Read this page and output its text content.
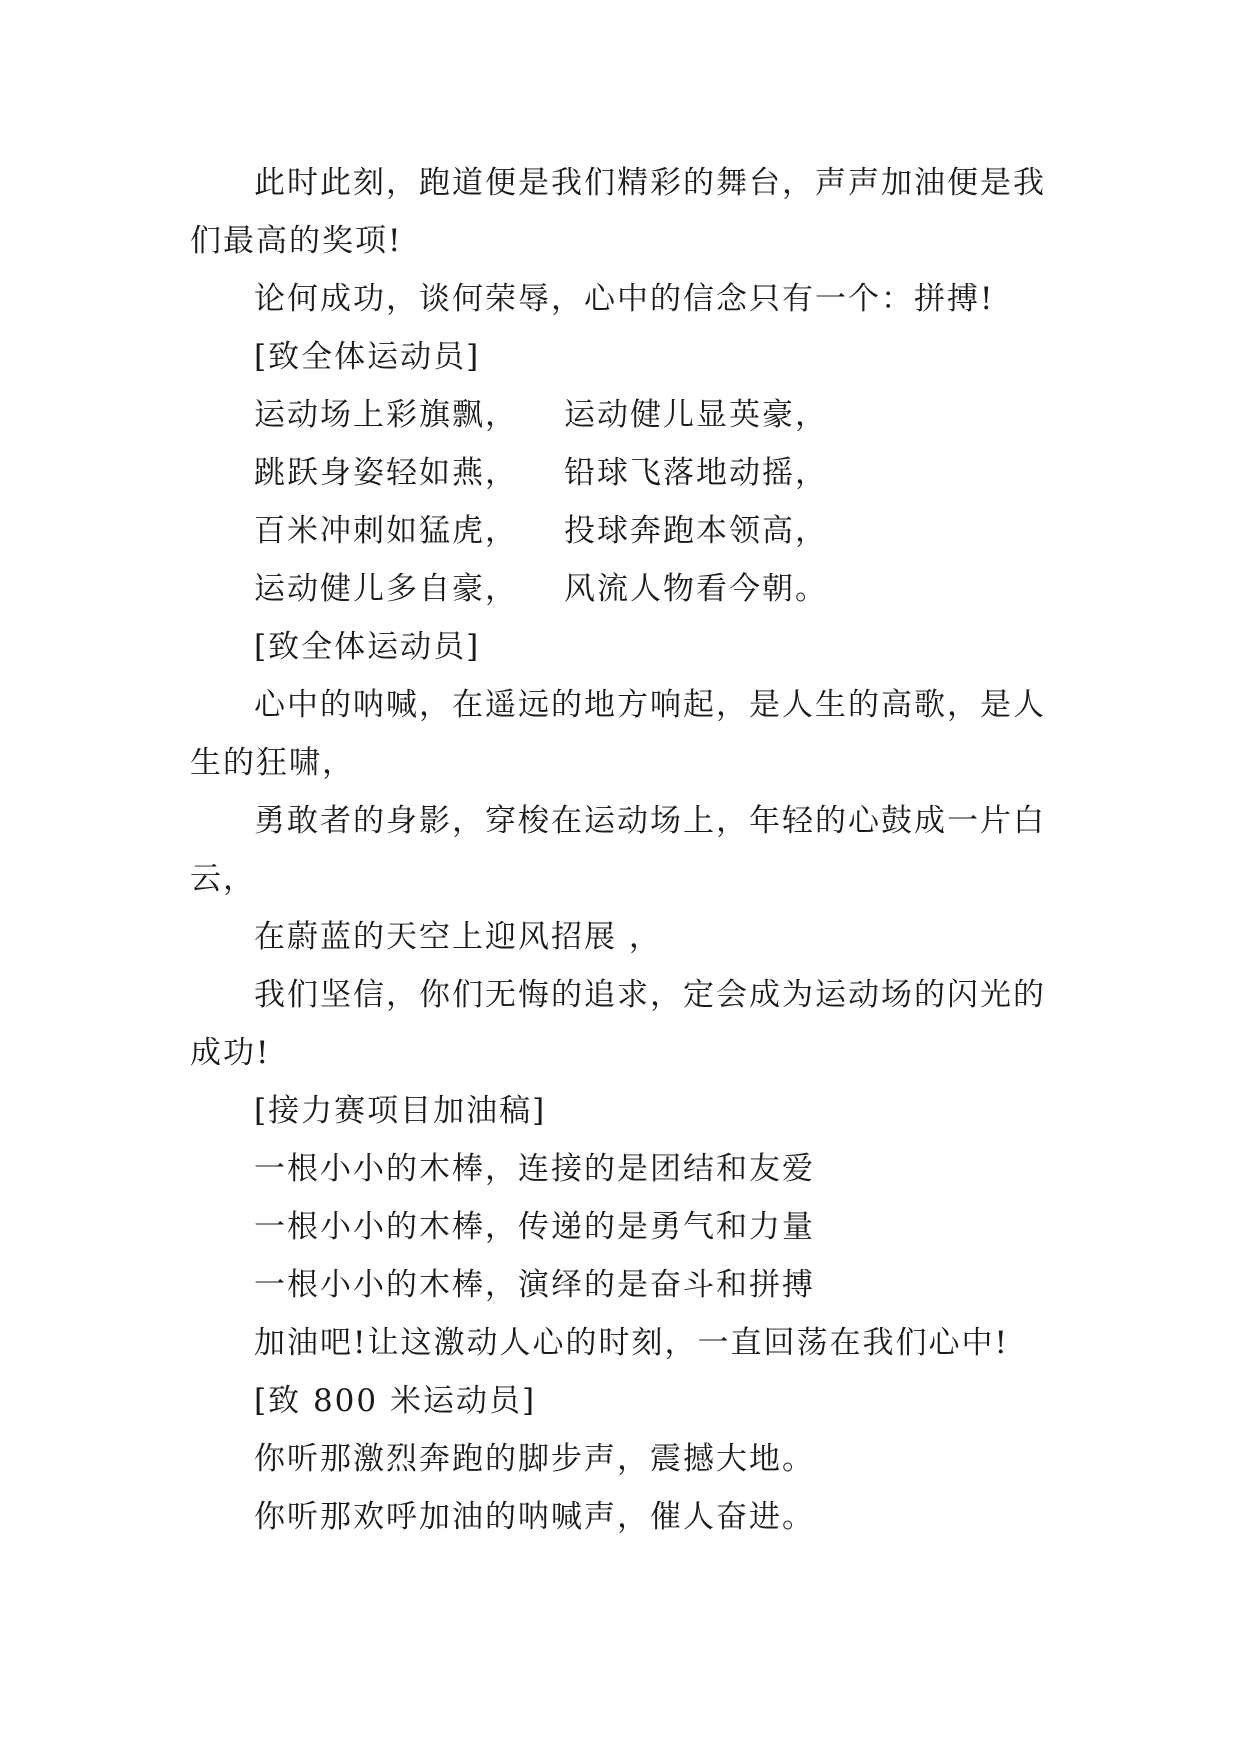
此时此刻，跑道便是我们精彩的舞台，声声加油便是我们最高的奖项!

论何成功，谈何荣辱，心中的信念只有一个：拼搏!

[致全体运动员]

运动场上彩旗飘， 运动健儿显英豪，

跳跃身姿轻如燕， 铅球飞落地动摇，

百米冲刺如猛虎， 投球奔跑本领高，

运动健儿多自豪， 风流人物看今朝。

[致全体运动员]

心中的呐喊，在遥远的地方响起，是人生的高歌，是人生的狂啸，

勇敢者的身影，穿梭在运动场上，年轻的心鼓成一片白云，

在蔚蓝的天空上迎风招展 ，

我们坚信，你们无悔的追求，定会成为运动场的闪光的成功!

[接力赛项目加油稿]

一根小小的木棒，连接的是团结和友爱

一根小小的木棒，传递的是勇气和力量

一根小小的木棒，演绎的是奋斗和拼搏

加油吧!让这激动人心的时刻，一直回荡在我们心中!

[致 800 米运动员]

你听那激烈奔跑的脚步声，震撼大地。

你听那欢呼加油的呐喊声，催人奋进。
